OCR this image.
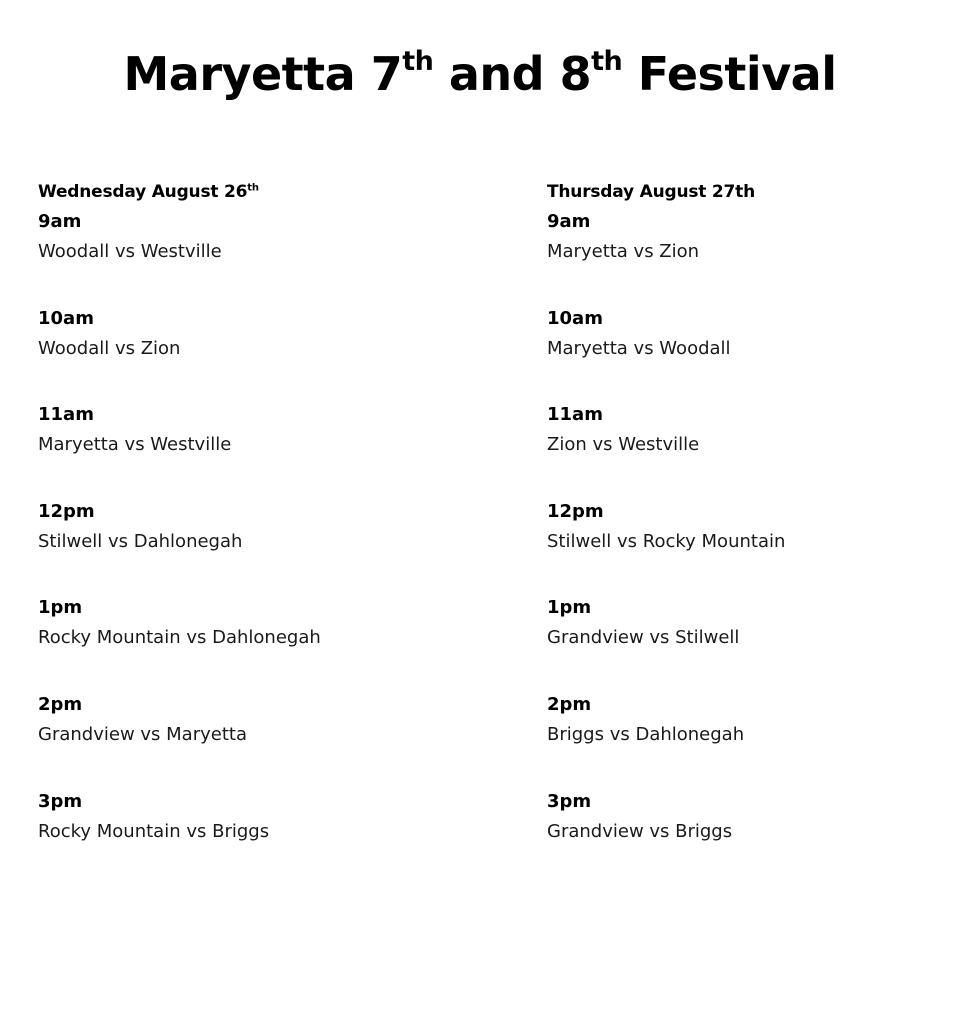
Maryetta 7th and 8th Festival
Wednesday August 26th
9am
Woodall vs Westville
10am
Woodall vs Zion
11am
Maryetta vs Westville
12pm
Stilwell vs Dahlonegah
1pm
Rocky Mountain vs Dahlonegah
2pm
Grandview vs Maryetta
3pm
Rocky Mountain vs Briggs
Thursday August 27th
9am
Maryetta vs Zion
10am
Maryetta vs Woodall
11am
Zion vs Westville
12pm
Stilwell vs Rocky Mountain
1pm
Grandview vs Stilwell
2pm
Briggs vs Dahlonegah
3pm
Grandview vs Briggs
